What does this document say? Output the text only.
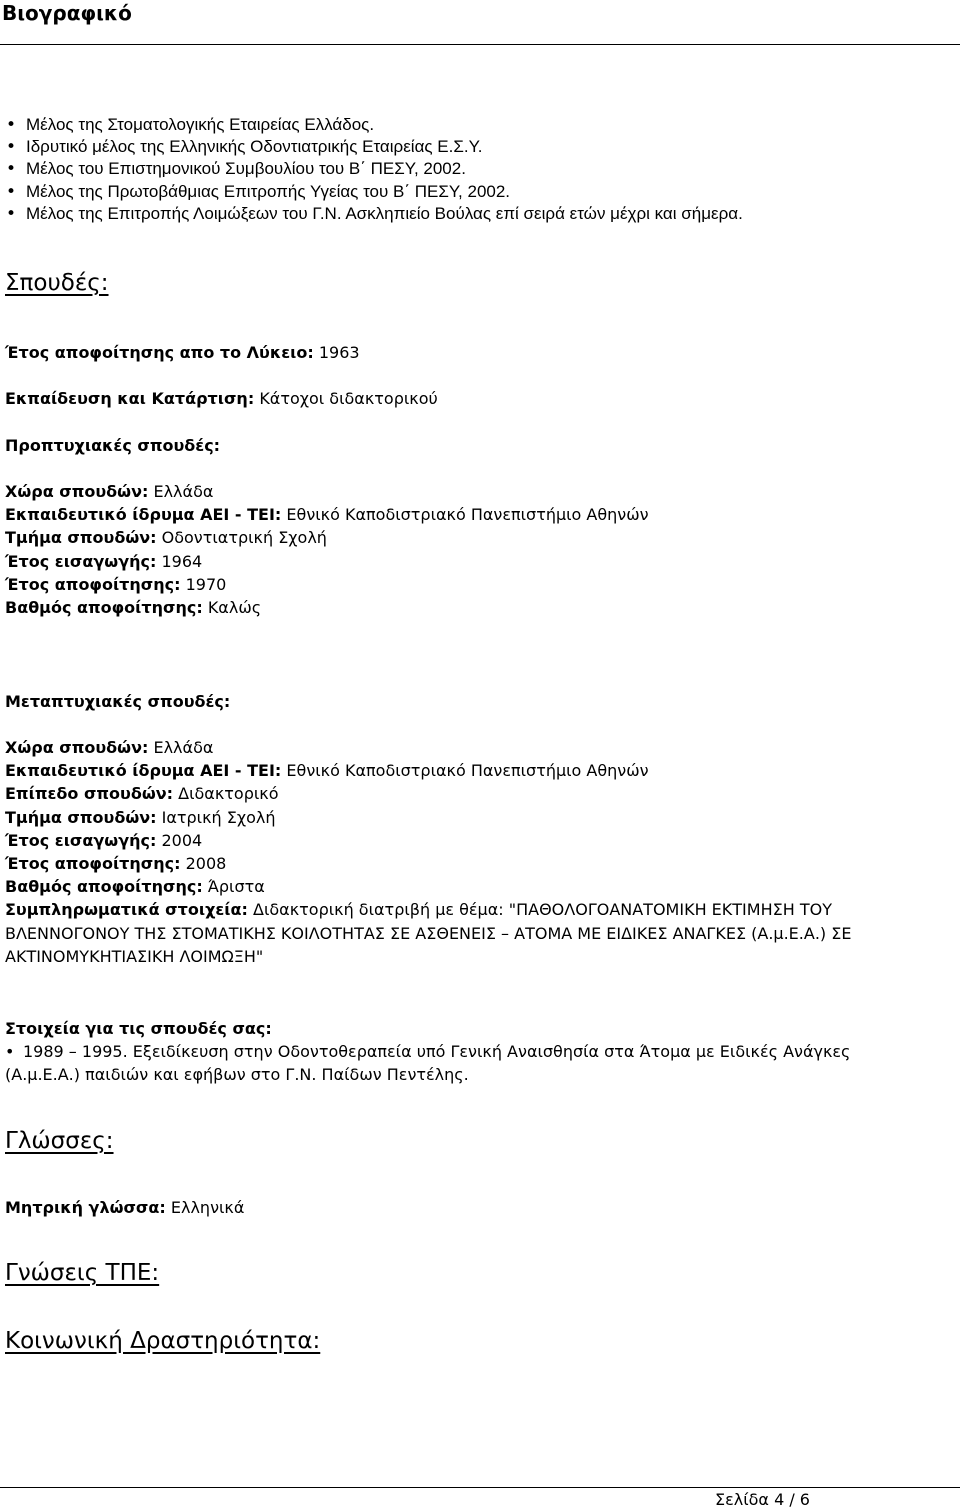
Βιογραφικό
• Μέλος της Στοματολογικής Εταιρείας Ελλάδος.
• Ιδρυτικό μέλος της Ελληνικής Οδοντιατρικής Εταιρείας Ε.Σ.Υ.
• Μέλος του Επιστημονικού Συμβουλίου του Β΄ ΠΕΣΥ, 2002.
• Μέλος της Πρωτοβάθμιας Επιτροπής Υγείας του Β΄ ΠΕΣΥ, 2002.
• Μέλος της Επιτροπής Λοιμώξεων του Γ.Ν. Ασκληπιείο Βούλας επί σειρά ετών μέχρι και σήμερα.
Σπουδές:
Έτος αποφοίτησης απο το Λύκειο: 1963
Εκπαίδευση και Κατάρτιση: Κάτοχοι διδακτορικού
Προπτυχιακές σπουδές:
Χώρα σπουδών: Ελλάδα
Εκπαιδευτικό ίδρυμα ΑΕΙ - ΤΕΙ: Εθνικό Καποδιστριακό Πανεπιστήμιο Αθηνών
Τμήμα σπουδών: Οδοντιατρική Σχολή
Έτος εισαγωγής: 1964
Έτος αποφοίτησης: 1970
Βαθμός αποφοίτησης: Καλώς
Μεταπτυχιακές σπουδές:
Χώρα σπουδών: Ελλάδα
Εκπαιδευτικό ίδρυμα ΑΕΙ - ΤΕΙ: Εθνικό Καποδιστριακό Πανεπιστήμιο Αθηνών
Επίπεδο σπουδών: Διδακτορικό
Τμήμα σπουδών: Ιατρική Σχολή
Έτος εισαγωγής: 2004
Έτος αποφοίτησης: 2008
Βαθμός αποφοίτησης: Άριστα
Συμπληρωματικά στοιχεία: Διδακτορική διατριβή με θέμα: "ΠΑΘΟΛΟΓΟΑΝΑΤΟΜΙΚΗ ΕΚΤΙΜΗΣΗ ΤΟΥ ΒΛΕΝΝΟΓΟΝΟΥ ΤΗΣ ΣΤΟΜΑΤΙΚΗΣ ΚΟΙΛΟΤΗΤΑΣ ΣΕ ΑΣΘΕΝΕΙΣ – ΑΤΟΜΑ ΜΕ ΕΙΔΙΚΕΣ ΑΝΑΓΚΕΣ (Α.μ.Ε.Α.) ΣΕ ΑΚΤΙΝΟΜΥΚΗΤΙΑΣΙΚΗ ΛΟΙΜΩΞΗ"
Στοιχεία για τις σπουδές σας:
• 1989 – 1995. Εξειδίκευση στην Οδοντοθεραπεία υπό Γενική Αναισθησία στα Άτομα με Ειδικές Ανάγκες (Α.μ.Ε.Α.) παιδιών και εφήβων στο Γ.Ν. Παίδων Πεντέλης.
Γλώσσες:
Μητρική γλώσσα: Ελληνικά
Γνώσεις ΤΠΕ:
Κοινωνική Δραστηριότητα:
Σελίδα 4 / 6
